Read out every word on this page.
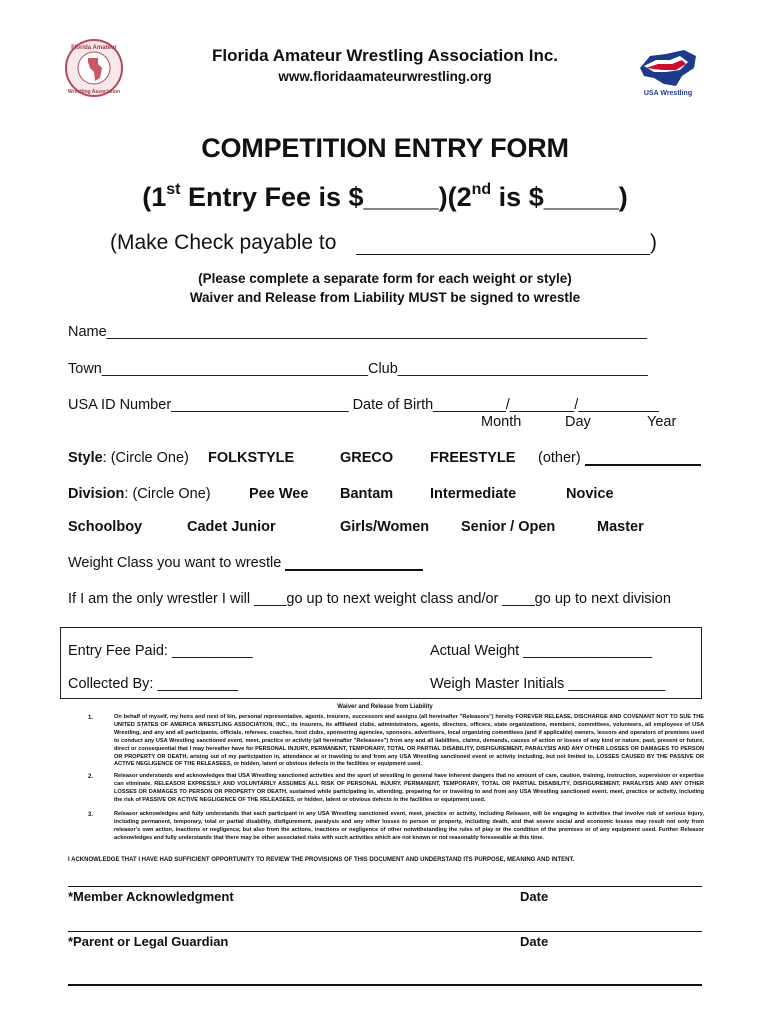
Florida Amateur
Wrestling Association	USA Wrestling
Florida Amateur Wrestling Association Inc.
www.floridaamateurwrestling.org
COMPETITION ENTRY FORM
(1st Entry Fee is $_____)(2nd is $_____)
(Make Check payable to	)
(Please complete a separate form for each weight or style)
Waiver and Release from Liability MUST be signed to wrestle
Name___________________________________________________________________
Town_________________________________Club_______________________________
USA ID Number______________________ Date of Birth_________/________/__________
Month	Day	Year
Style: (Circle One) FOLKSTYLE	GRECO	FREESTYLE (other)
Division: (Circle One)	Pee Wee Bantam	Intermediate	Novice
Schoolboy	Cadet Junior	Girls/Women Senior / Open	Master
Weight Class you want to wrestle
If I am the only wrestler I will ____go up to next weight class and/or ____go up to next division
Entry Fee Paid: __________	Actual Weight ________________
Collected By: __________	Weigh Master Initials ____________
Waiver and Release from Liability
1.	On behalf of myself, my heirs and next of kin, personal representative, agents, insurers, successors and assigns (all hereinafter "Releasors") hereby FOREVER RELEASE, DISCHARGE AND COVENANT NOT TO SUE THE UNITED STATES OF AMERICA WRESTLING ASSOCIATION, INC., its insurers, its affiliated clubs, administrators, agents, directors, officers, state organizations, members, committees, volunteers, all employees of USA Wrestling, and any and all participants, officials, referees, coaches, host clubs, sponsoring agencies, sponsors, advertisers, local organizing committees (and if applicable) owners, lessors and operators of premises used to conduct any USA Wrestling sanctioned event, meet, practice or activity (all hereinafter "Releasees") from any and all liabilities, claims, demands, causes of action or losses of any kind or nature, past, present or future, direct or consequential that I may hereafter have for PERSONAL INJURY, PERMANENT, TEMPORARY, TOTAL OR PARTIAL DISABILITY, DISFIGUREMENT, PARALYSIS AND ANY OTHER LOSSES OR DAMAGES TO PERSON OR PROPERTY OR DEATH, arising out of my participation in, attendance at or traveling to and from any USA Wrestling sanctioned event or activity including, but not limited to, LOSSES CAUSED BY THE PASSIVE OR ACTIVE NEGLIGENCE OF THE RELEASEES, or hidden, latent or obvious defects in the facilities or equipment used.
2.	Releasor understands and acknowledges that USA Wrestling sanctioned activities and the sport of wrestling in general have inherent dangers that no amount of care, caution, training, instruction, supervision or expertise can eliminate. RELEASOR EXPRESSLY AND VOLUNTARILY ASSUMES ALL RISK OF PERSONAL INJURY, PERMANENT, TEMPORARY, TOTAL OR PARTIAL DISABILITY, DISFIGUREMENT, PARALYSIS AND ANY OTHER LOSSES OR DAMAGES TO PERSON OR PROPERTY OR DEATH, sustained while participating in, attending, preparing for or traveling to and from any USA Wrestling sanctioned event, meet, practice or activity, including the risk of PASSIVE OR ACTIVE NEGLIGENCE OF THE RELEASEES, or hidden, latent or obvious defects in the facilities or equipment used.
3.	Releasor acknowledges and fully understands that each participant in any USA Wrestling sanctioned event, meet, practice or activity, including Releasor, will be engaging in activities that involve risk of serious injury, including permanent, temporary, total or partial disability, disfigurement, paralysis and any other losses to person or property, including death, and that severe social and economic losses may result not only from releasor's own action, inactions or negligence, but also from the actions, inactions or negligence of other notwithstanding the rules of play or the condition of the premises or of any equipment used. Further Releasor acknowledges and fully understands that there may be other associated risks with such activities which are not known or not reasonably foreseeable at this time.
I ACKNOWLEDGE THAT I HAVE HAD SUFFICIENT OPPORTUNITY TO REVIEW THE PROVISIONS OF THIS DOCUMENT AND UNDERSTAND ITS PURPOSE, MEANING AND INTENT.
*Member Acknowledgment	Date
*Parent or Legal Guardian	Date
